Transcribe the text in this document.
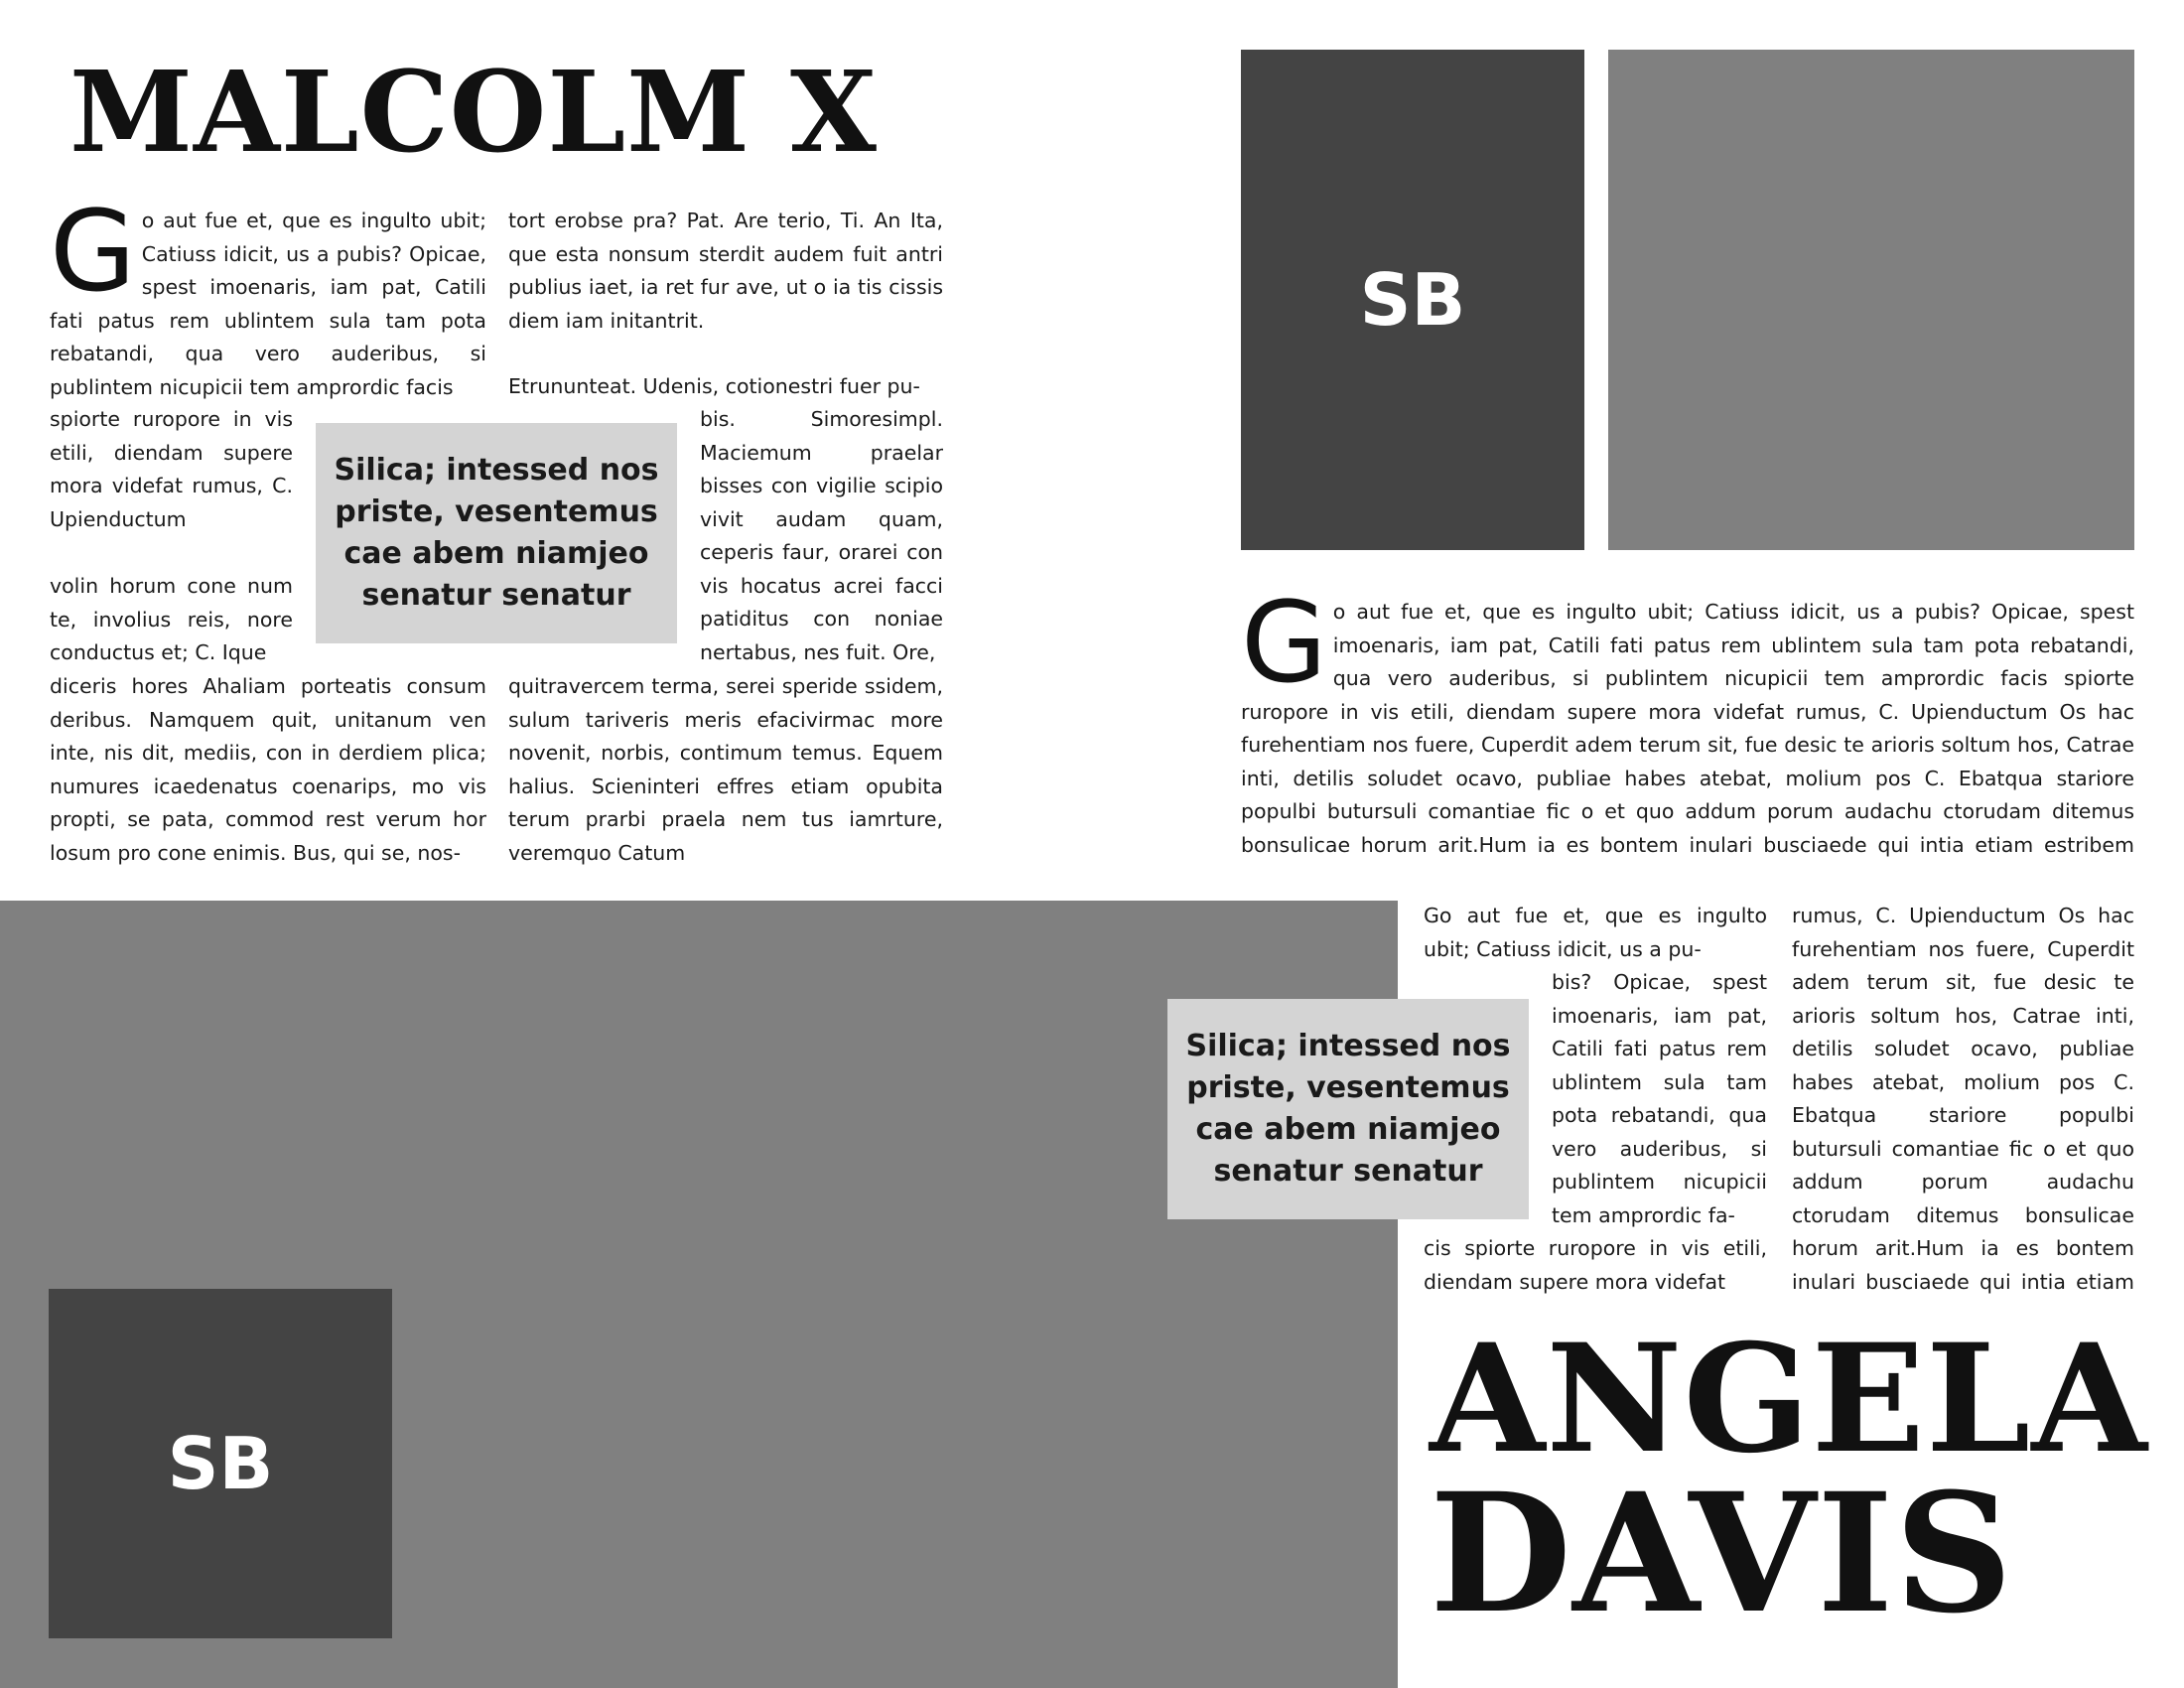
MALCOLM X

Go aut fue et, que es ingulto ubit; Catiuss idicit, us a pubis? Opicae, spest imoenaris, iam pat, Catili fati patus rem ublintem sula tam pota rebatandi, qua vero auderibus, si publintem nicupicii tem amprordic facis

spiorte ruropore in vis etili, diendam supere mora videfat rumus, C. Upienductum

volin horum cone num te, involius reis, nore conductus et; C. Ique

diceris hores Ahaliam porteatis consum deribus. Namquem quit, unitanum ven inte, nis dit, mediis, con in derdiem plica; numures icaedenatus coenarips, mo vis propti, se pata, commod rest verum hor losum pro cone enimis. Bus, qui se, nos-

tort erobse pra? Pat. Are terio, Ti. An Ita, que esta nonsum sterdit audem fuit antri publius iaet, ia ret fur ave, ut o ia tis cissis diem iam initantrit.

Etrununteat. Udenis, cotionestri fuer pu-

bis. Simoresimpl. Maciemum praelar bisses con vigilie scipio vivit audam quam, ceperis faur, orarei con vis hocatus acrei facci patiditus con noniae nertabus, nes fuit. Ore,

quitravercem terma, serei speride ssidem, sulum tariveris meris efacivirmac more novenit, norbis, contimum temus. Equem halius. Scieninteri effres etiam opubita terum prarbi praela nem tus iamrture, veremquo Catum

Silica; intessed nos priste, vesentemus cae abem niamjeo senatur senatur
SB

Go aut fue et, que es ingulto ubit; Catiuss idicit, us a pubis? Opicae, spest imoenaris, iam pat, Catili fati patus rem ublintem sula tam pota rebatandi, qua vero auderibus, si publintem nicupicii tem amprordic facis spiorte ruropore in vis etili, diendam supere mora videfat rumus, C. Upienductum Os hac furehentiam nos fuere, Cuperdit adem terum sit, fue desic te arioris soltum hos, Catrae inti, detilis soludet ocavo, publiae habes atebat, molium pos C. Ebatqua stariore populbi butursuli comantiae fic o et quo addum porum audachu ctorudam ditemus bonsulicae horum arit.Hum ia es bontem inulari busciaede qui intia etiam estribem

SB

Go aut fue et, que es ingulto ubit; Catiuss idicit, us a pu-

bis? Opicae, spest imoenaris, iam pat, Catili fati patus rem ublintem sula tam pota rebatandi, qua vero auderibus, si publintem nicupicii tem amprordic fa-

cis spiorte ruropore in vis etili, diendam supere mora videfat

rumus, C. Upienductum Os hac furehentiam nos fuere, Cuperdit adem terum sit, fue desic te arioris soltum hos, Catrae inti, detilis soludet ocavo, publiae habes atebat, molium pos C. Ebatqua stariore populbi butursuli comantiae fic o et quo addum porum audachu ctorudam ditemus bonsulicae horum arit.Hum ia es bontem inulari busciaede qui intia etiam

Silica; intessed nos priste, vesentemus cae abem niamjeo senatur senatur
ANGELA
DAVIS
